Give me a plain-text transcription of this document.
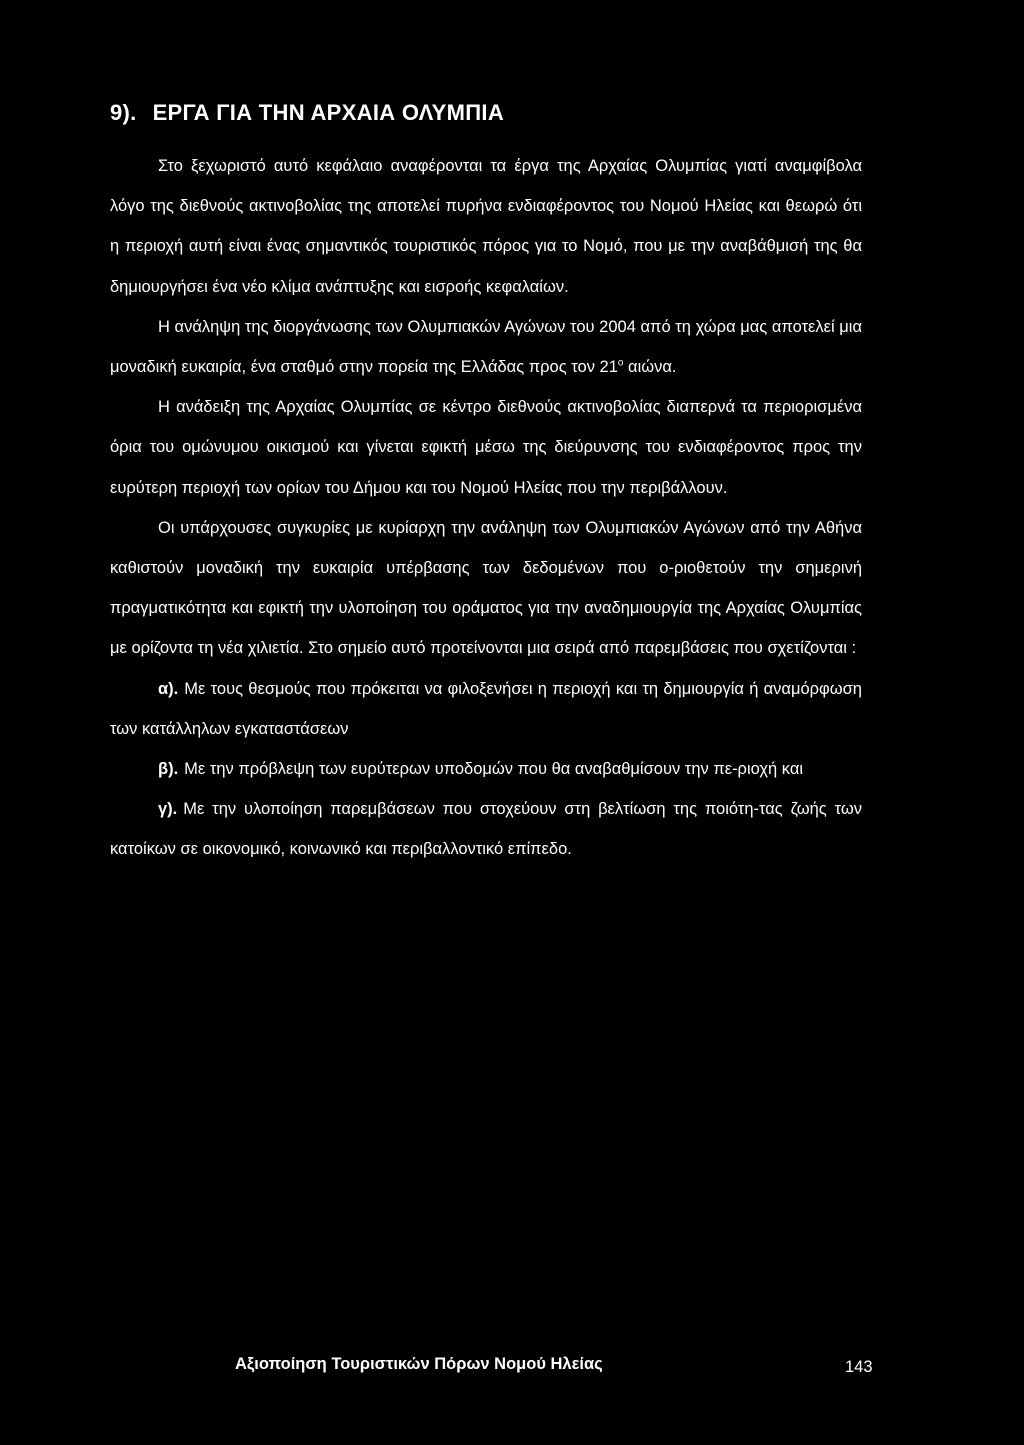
9). ΕΡΓΑ ΓΙΑ ΤΗΝ ΑΡΧΑΙΑ ΟΛΥΜΠΙΑ

Στο ξεχωριστό αυτό κεφάλαιο αναφέρονται τα έργα της Αρχαίας Ολυμπίας γιατί αναμφίβολα λόγο της διεθνούς ακτινοβολίας της αποτελεί πυρήνα ενδιαφέροντος του Νομού Ηλείας και θεωρώ ότι η περιοχή αυτή είναι ένας σημαντικός τουριστικός πόρος για το Νομό, που με την αναβάθμισή της θα δημιουργήσει ένα νέο κλίμα ανάπτυξης και εισροής κεφαλαίων.

Η ανάληψη της διοργάνωσης των Ολυμπιακών Αγώνων του 2004 από τη χώρα μας αποτελεί μια μοναδική ευκαιρία, ένα σταθμό στην πορεία της Ελλάδας προς τον $21^o$ αιώνα.

Η ανάδειξη της Αρχαίας Ολυμπίας σε κέντρο διεθνούς ακτινοβολίας διαπερνά τα περιορισμένα όρια του ομώνυμου οικισμού και γίνεται εφικτή μέσω της διεύρυνσης του ενδιαφέροντος προς την ευρύτερη περιοχή των ορίων του Δήμου και του Νομού Ηλείας που την περιβάλλουν.

Οι υπάρχουσες συγκυρίες με κυρίαρχη την ανάληψη των Ολυμπιακών Αγώνων από την Αθήνα καθιστούν μοναδική την ευκαιρία υπέρβασης των δεδομένων που ο-ριοθετούν την σημερινή πραγματικότητα και εφικτή την υλοποίηση του οράματος για την αναδημιουργία της Αρχαίας Ολυμπίας με ορίζοντα τη νέα χιλιετία. Στο σημείο αυτό προτείνονται μια σειρά από παρεμβάσεις που σχετίζονται :

α). Με τους θεσμούς που πρόκειται να φιλοξενήσει η περιοχή και τη δημιουργία ή αναμόρφωση των κατάλληλων εγκαταστάσεων

β). Με την πρόβλεψη των ευρύτερων υποδομών που θα αναβαθμίσουν την πε-ριοχή και

γ). Με την υλοποίηση παρεμβάσεων που στοχεύουν στη βελτίωση της ποιότη-τας ζωής των κατοίκων σε οικονομικό, κοινωνικό και περιβαλλοντικό επίπεδο.

Αξιοποίηση Τουριστικών Πόρων Νομού Ηλείας	143
